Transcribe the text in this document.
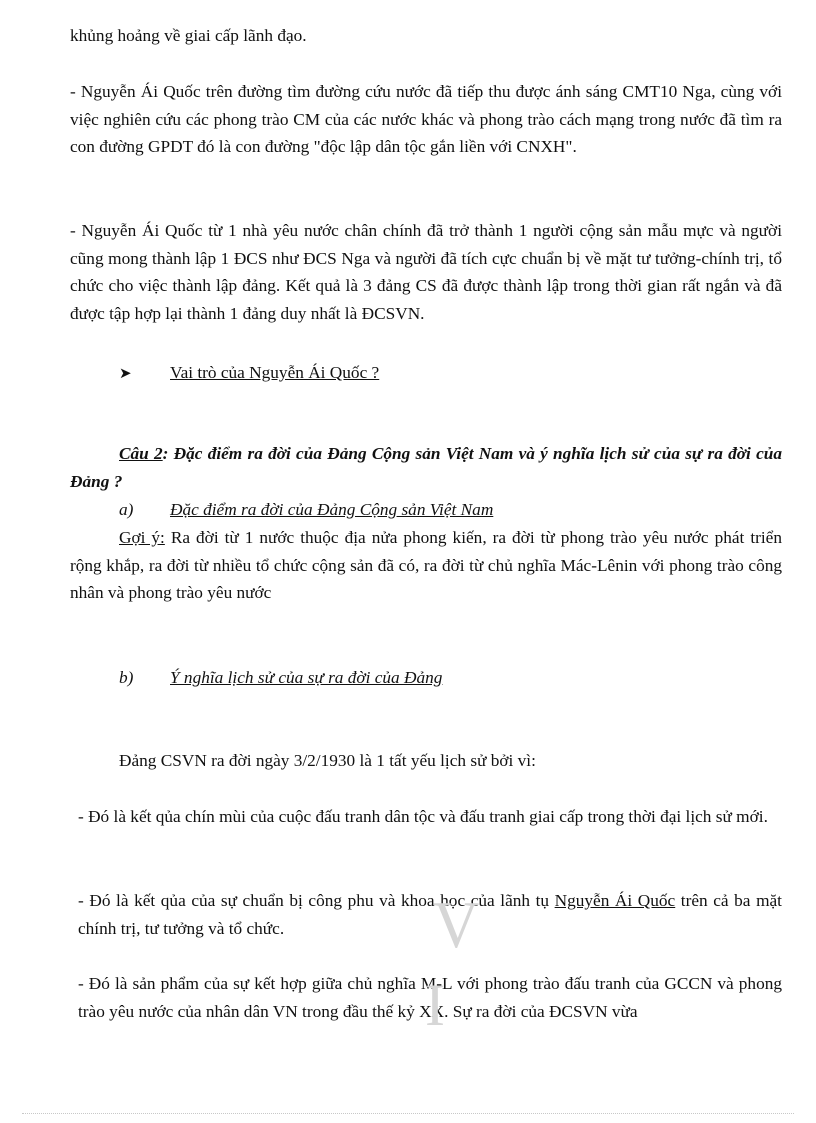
khủng hoảng về giai cấp lãnh đạo.

- Nguyễn Ái Quốc trên đường tìm đường cứu nước đã tiếp thu được ánh sáng CMT10 Nga, cùng với việc nghiên cứu các phong trào CM của các nước khác và phong trào cách mạng trong nước đã tìm ra con đường GPDT đó là con đường "độc lập dân tộc gắn liền với CNXH".

- Nguyễn Ái Quốc từ 1 nhà yêu nước chân chính đã trở thành 1 người cộng sản mẫu mực và người cũng mong thành lập 1 ĐCS như ĐCS Nga và người đã tích cực chuẩn bị về mặt tư tưởng-chính trị, tổ chức cho việc thành lập đảng. Kết quả là 3 đảng CS đã được thành lập trong thời gian rất ngắn và đã được tập hợp lại thành 1 đảng duy nhất là ĐCSVN.

➤ Vai trò của Nguyễn Ái Quốc ?

Câu 2: Đặc điểm ra đời của Đảng Cộng sản Việt Nam và ý nghĩa lịch sử của sự ra đời của Đảng ?

a) Đặc điểm ra đời của Đảng Cộng sản Việt Nam

Gợi ý: Ra đời từ 1 nước thuộc địa nửa phong kiến, ra đời từ phong trào yêu nước phát triển rộng khắp, ra đời từ nhiều tổ chức cộng sản đã có, ra đời từ chủ nghĩa Mác-Lênin với phong trào công nhân và phong trào yêu nước

b) Ý nghĩa lịch sử của sự ra đời của Đảng

Đảng CSVN ra đời ngày 3/2/1930 là 1 tất yếu lịch sử bởi vì:

- Đó là kết qủa chín mùi của cuộc đấu tranh dân tộc và đấu tranh giai cấp trong thời đại lịch sử mới.

- Đó là kết qủa của sự chuẩn bị công phu và khoa học của lãnh tụ Nguyễn Ái Quốc trên cả ba mặt chính trị, tư tưởng và tổ chức.

- Đó là sản phẩm của sự kết hợp giữa chủ nghĩa M-L với phong trào đấu tranh của GCCN và phong trào yêu nước của nhân dân VN trong đầu thế kỷ XX. Sự ra đời của ĐCSVN vừa

V
I
